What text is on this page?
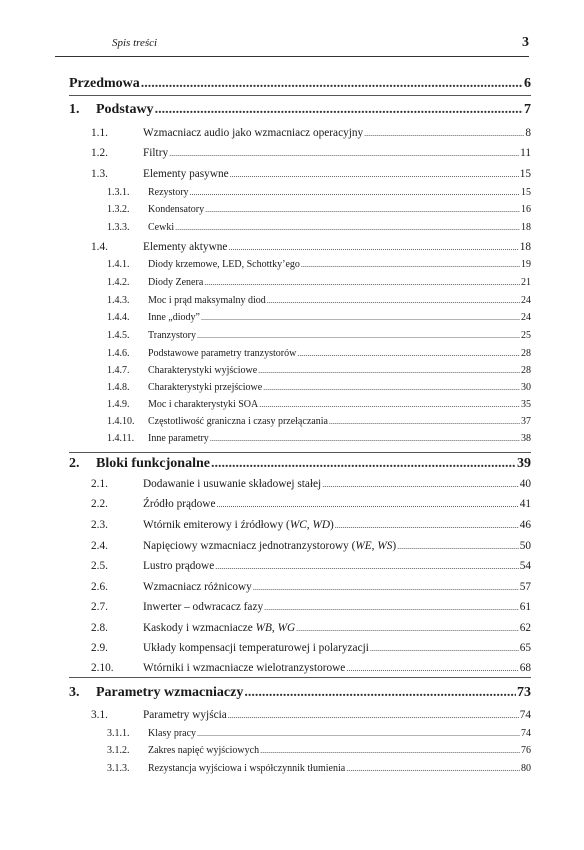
Spis treści	3
Przedmowa .....	6
1.	Podstawy .....	7
1.1.	Wzmacniacz audio jako wzmacniacz operacyjny .....	8
1.2.	Filtry .....	11
1.3.	Elementy pasywne .....	15
1.3.1.	Rezystory .....	15
1.3.2.	Kondensatory .....	16
1.3.3.	Cewki .....	18
1.4.	Elementy aktywne .....	18
1.4.1.	Diody krzemowe, LED, Schottky’ego .....	19
1.4.2.	Diody Zenera .....	21
1.4.3.	Moc i prąd maksymalny diod .....	24
1.4.4.	Inne „diody” .....	24
1.4.5.	Tranzystory .....	25
1.4.6.	Podstawowe parametry tranzystorów .....	28
1.4.7.	Charakterystyki wyjściowe .....	28
1.4.8.	Charakterystyki przejściowe .....	30
1.4.9.	Moc i charakterystyki SOA .....	35
1.4.10.	Częstotliwość graniczna i czasy przełączania .....	37
1.4.11.	Inne parametry .....	38
2.	Bloki funkcjonalne .....	39
2.1.	Dodawanie i usuwanie składowej stałej .....	40
2.2.	Źródło prądowe .....	41
2.3.	Wtórnik emiterowy i źródłowy (WC, WD) .....	46
2.4.	Napięciowy wzmacniacz jednotranzystorowy (WE, WS) .....	50
2.5.	Lustro prądowe .....	54
2.6.	Wzmacniacz różnicowy .....	57
2.7.	Inwerter – odwracacz fazy .....	61
2.8.	Kaskody i wzmacniacze WB, WG .....	62
2.9.	Układy kompensacji temperaturowej i polaryzacji .....	65
2.10.	Wtórniki i wzmacniacze wielotranzystorowe .....	68
3.	Parametry wzmacniaczy .....	73
3.1.	Parametry wyjścia .....	74
3.1.1.	Klasy pracy .....	74
3.1.2.	Zakres napięć wyjściowych .....	76
3.1.3.	Rezystancja wyjściowa i współczynnik tłumienia .....	80
